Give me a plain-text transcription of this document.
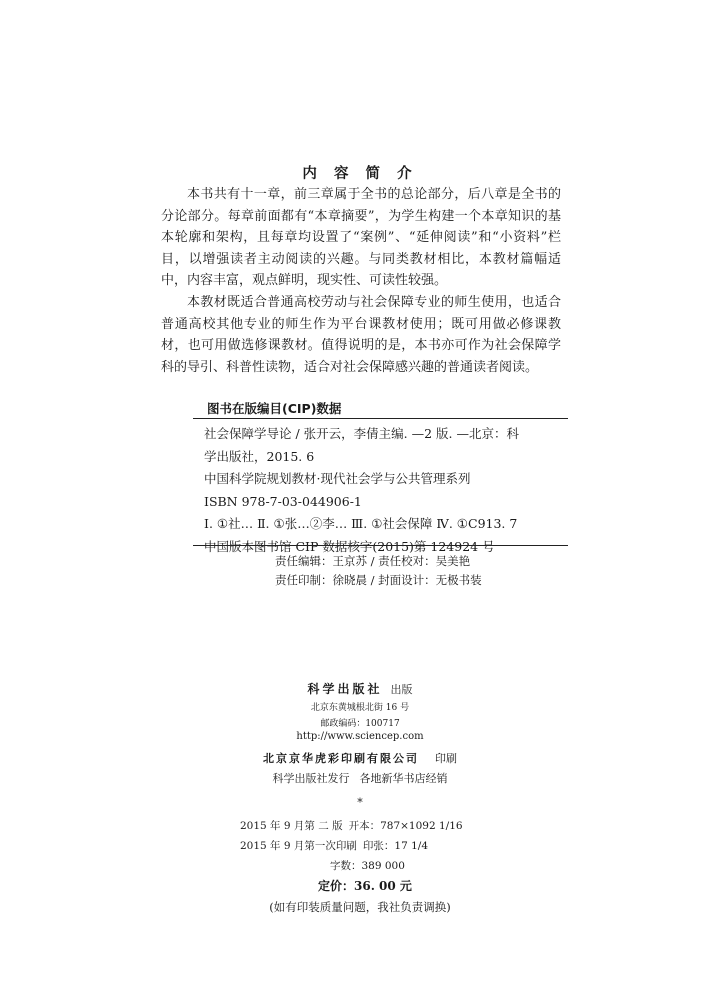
内 容 简 介

本书共有十一章，前三章属于全书的总论部分，后八章是全书的分论部分。每章前面都有“本章摘要”，为学生构建一个本章知识的基本轮廓和架构，且每章均设置了“案例”、“延伸阅读”和“小资料”栏目，以增强读者主动阅读的兴趣。与同类教材相比，本教材篇幅适中，内容丰富，观点鲜明，现实性、可读性较强。

本教材既适合普通高校劳动与社会保障专业的师生使用，也适合普通高校其他专业的师生作为平台课教材使用；既可用做必修课教材，也可用做选修课教材。值得说明的是，本书亦可作为社会保障学科的导引、科普性读物，适合对社会保障感兴趣的普通读者阅读。

图书在版编目(CIP)数据
社会保障学导论 / 张开云，李倩主编. —2 版. —北京：科
学出版社，2015. 6
中国科学院规划教材·现代社会学与公共管理系列
ISBN 978-7-03-044906-1
Ⅰ. ①社… Ⅱ. ①张…②李… Ⅲ. ①社会保障 Ⅳ. ①C913. 7
中国版本图书馆 CIP 数据核字(2015)第 124924 号
责任编辑：王京苏 / 责任校对：吴美艳
责任印制：徐晓晨 / 封面设计：无极书装
科学出版社 出版
北京东黄城根北街 16 号
邮政编码：100717
http://www.sciencep.com
北京京华虎彩印刷有限公司 印刷
科学出版社发行 各地新华书店经销
*
2015 年 9 月第 二 版 开本：787×1092 1/16
2015 年 9 月第一次印刷 印张：17 1/4
字数：389 000
定价：36. 00 元
(如有印装质量问题，我社负责调换)
